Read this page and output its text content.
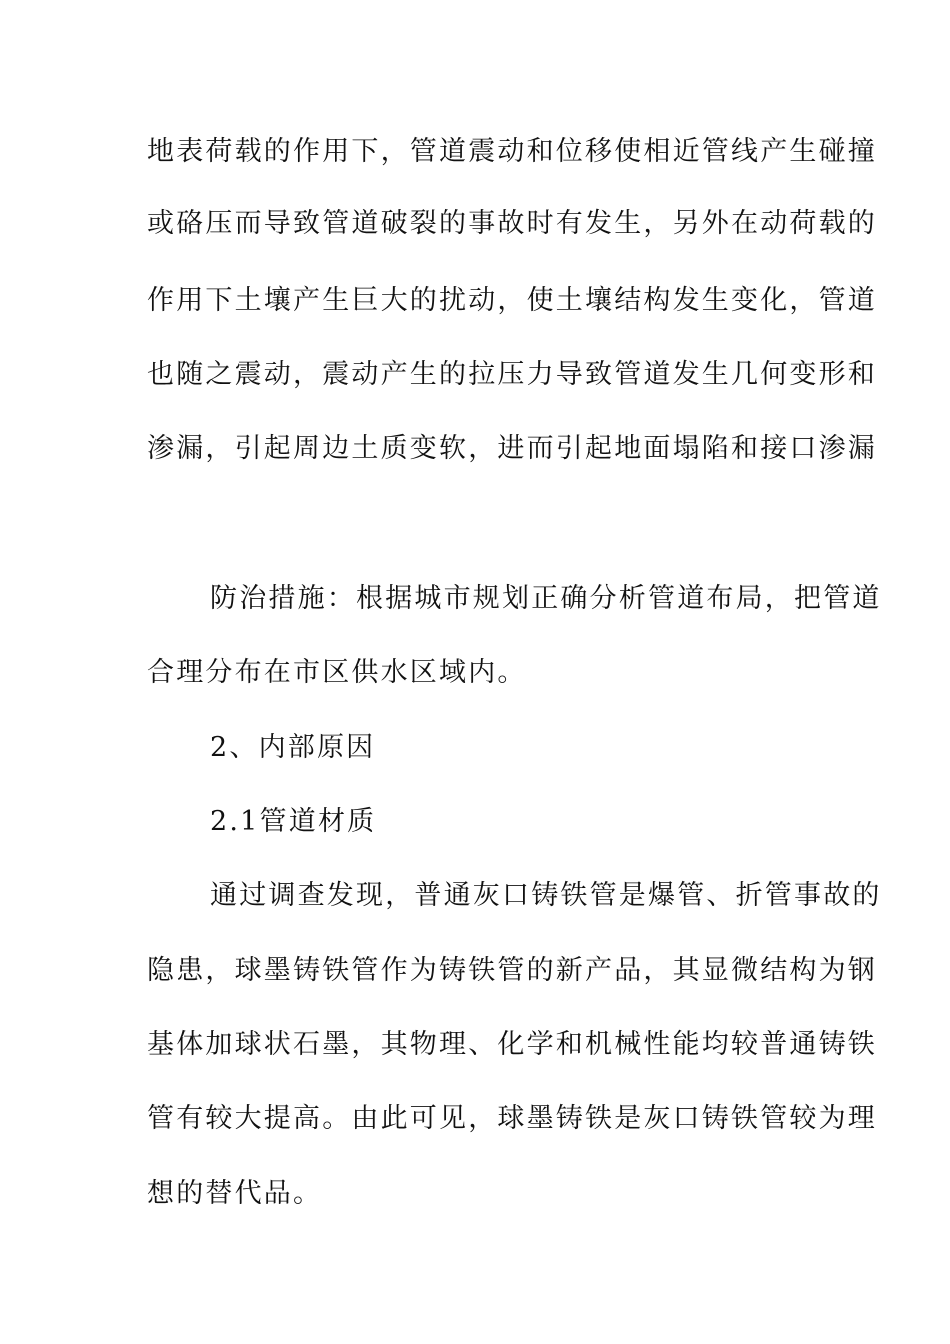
地表荷载的作用下，管道震动和位移使相近管线产生碰撞
或硌压而导致管道破裂的事故时有发生，另外在动荷载的
作用下土壤产生巨大的扰动，使土壤结构发生变化，管道
也随之震动，震动产生的拉压力导致管道发生几何变形和
渗漏，引起周边土质变软，进而引起地面塌陷和接口渗漏
防治措施：根据城市规划正确分析管道布局，把管道
合理分布在市区供水区域内。
2、内部原因
2.1管道材质
通过调查发现，普通灰口铸铁管是爆管、折管事故的
隐患，球墨铸铁管作为铸铁管的新产品，其显微结构为钢
基体加球状石墨，其物理、化学和机械性能均较普通铸铁
管有较大提高。由此可见，球墨铸铁是灰口铸铁管较为理
想的替代品。
